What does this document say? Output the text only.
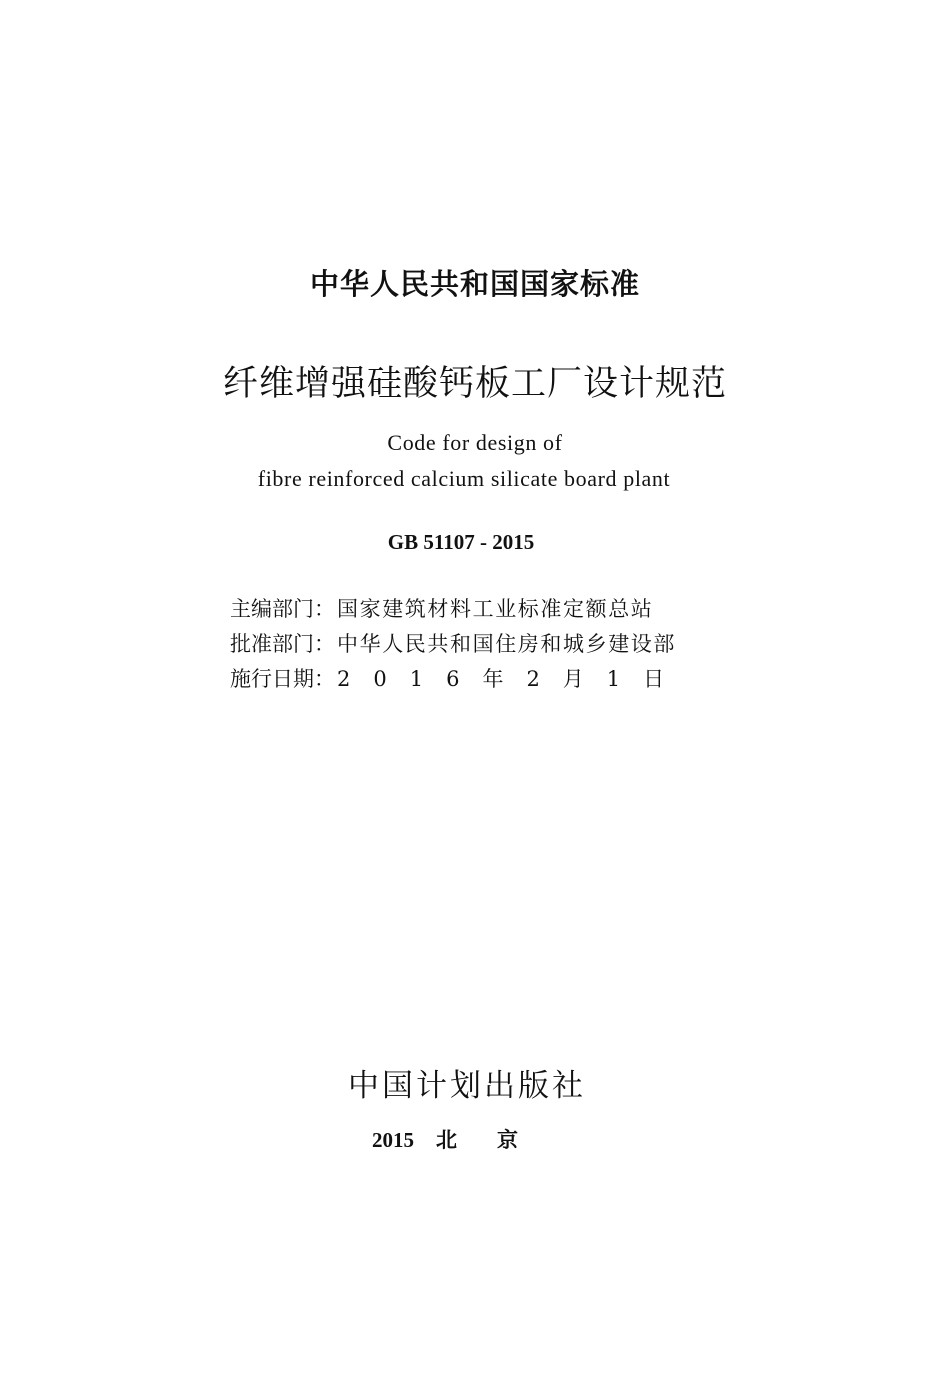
中华人民共和国国家标准
纤维增强硅酸钙板工厂设计规范
Code for design of
fibre reinforced calcium silicate board plant
GB 51107 - 2015
主编部门 ： 国家建筑材料工业标准定额总站
批准部门 ： 中华人民共和国住房和城乡建设部
施行日期 ： 2016年2月1日
中国计划出版社
2015 北京
